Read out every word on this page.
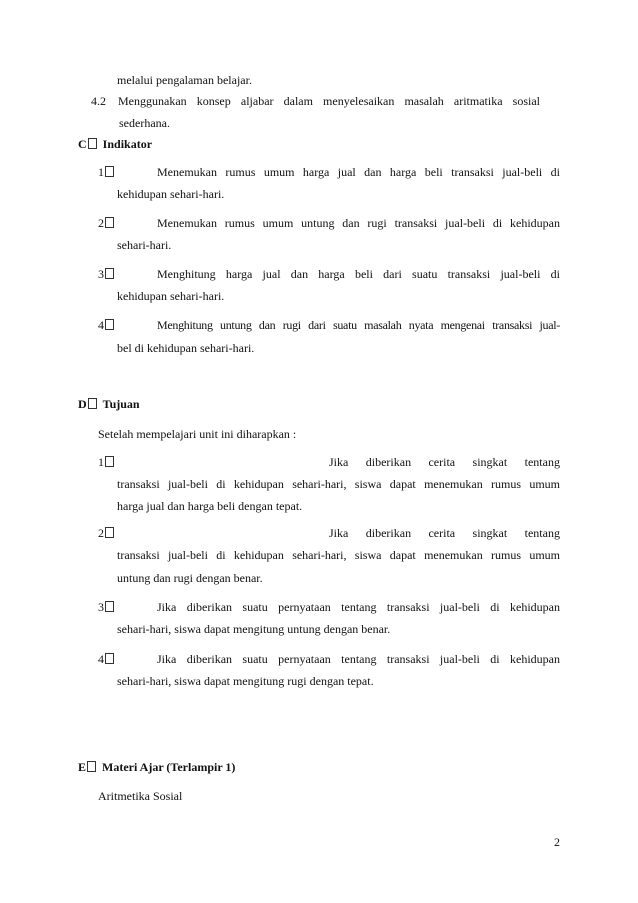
melalui pengalaman belajar.
4.2 Menggunakan konsep aljabar dalam menyelesaikan masalah aritmatika sosial
sederhana.
C Indikator
1	Menemukan rumus umum harga jual dan harga beli transaksi jual-beli di
kehidupan sehari-hari.
2	Menemukan rumus umum untung dan rugi transaksi jual-beli di kehidupan
sehari-hari.
3	Menghitung harga jual dan harga beli dari suatu transaksi jual-beli di
kehidupan sehari-hari.
4	Menghitung untung dan rugi dari suatu masalah nyata mengenai transaksi jual-
bel di kehidupan sehari-hari.
D Tujuan
Setelah mempelajari unit ini diharapkan :
1	Jika diberikan cerita singkat tentang
transaksi jual-beli di kehidupan sehari-hari, siswa dapat menemukan rumus umum
harga jual dan harga beli dengan tepat.
2	Jika diberikan cerita singkat tentang
transaksi jual-beli di kehidupan sehari-hari, siswa dapat menemukan rumus umum
untung dan rugi dengan benar.
3	Jika diberikan suatu pernyataan tentang transaksi jual-beli di kehidupan
sehari-hari, siswa dapat mengitung untung dengan benar.
4	Jika diberikan suatu pernyataan tentang transaksi jual-beli di kehidupan
sehari-hari, siswa dapat mengitung rugi dengan tepat.
E Materi Ajar (Terlampir 1)
Aritmetika Sosial
2
